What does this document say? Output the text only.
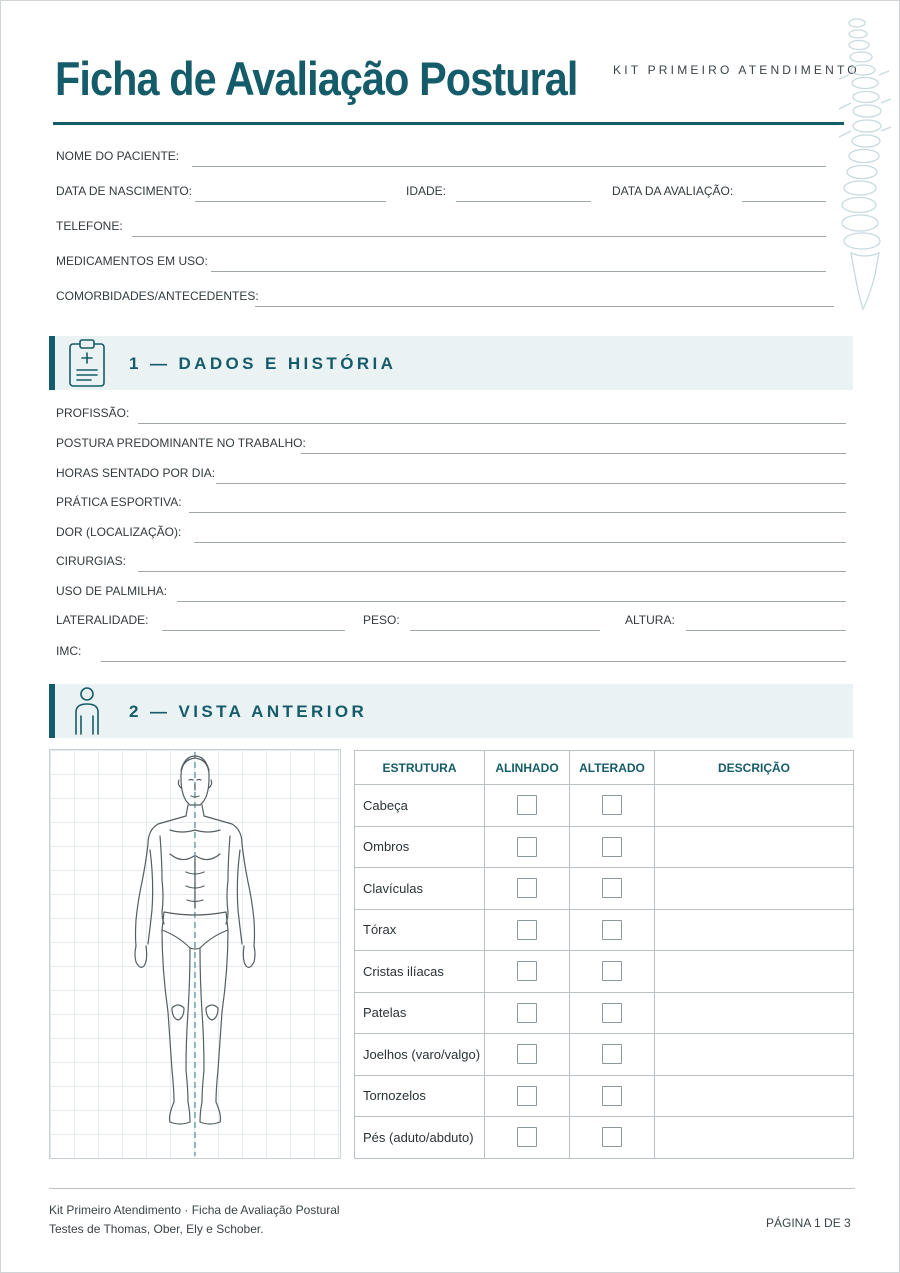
Ficha de Avaliação Postural	KIT PRIMEIRO ATENDIMENTO
NOME DO PACIENTE:
DATA DE NASCIMENTO:	IDADE:	DATA DA AVALIAÇÃO:
TELEFONE:
MEDICAMENTOS EM USO:
COMORBIDADES/ANTECEDENTES:
1 — DADOS E HISTÓRIA
PROFISSÃO:
POSTURA PREDOMINANTE NO TRABALHO:
HORAS SENTADO POR DIA:
PRÁTICA ESPORTIVA:
DOR (LOCALIZAÇÃO):
CIRURGIAS:
USO DE PALMILHA:
LATERALIDADE:	PESO:	ALTURA:
IMC:
2 — VISTA ANTERIOR
ESTRUTURA	ALINHADO	ALTERADO	DESCRIÇÃO
Cabeça			
Ombros			
Clavículas			
Tórax			
Cristas ilíacas			
Patelas			
Joelhos (varo/valgo)			
Tornozelos			
Pés (aduto/abduto)			
Kit Primeiro Atendimento · Ficha de Avaliação Postural
Testes de Thomas, Ober, Ely e Schober.	PÁGINA 1 DE 3
